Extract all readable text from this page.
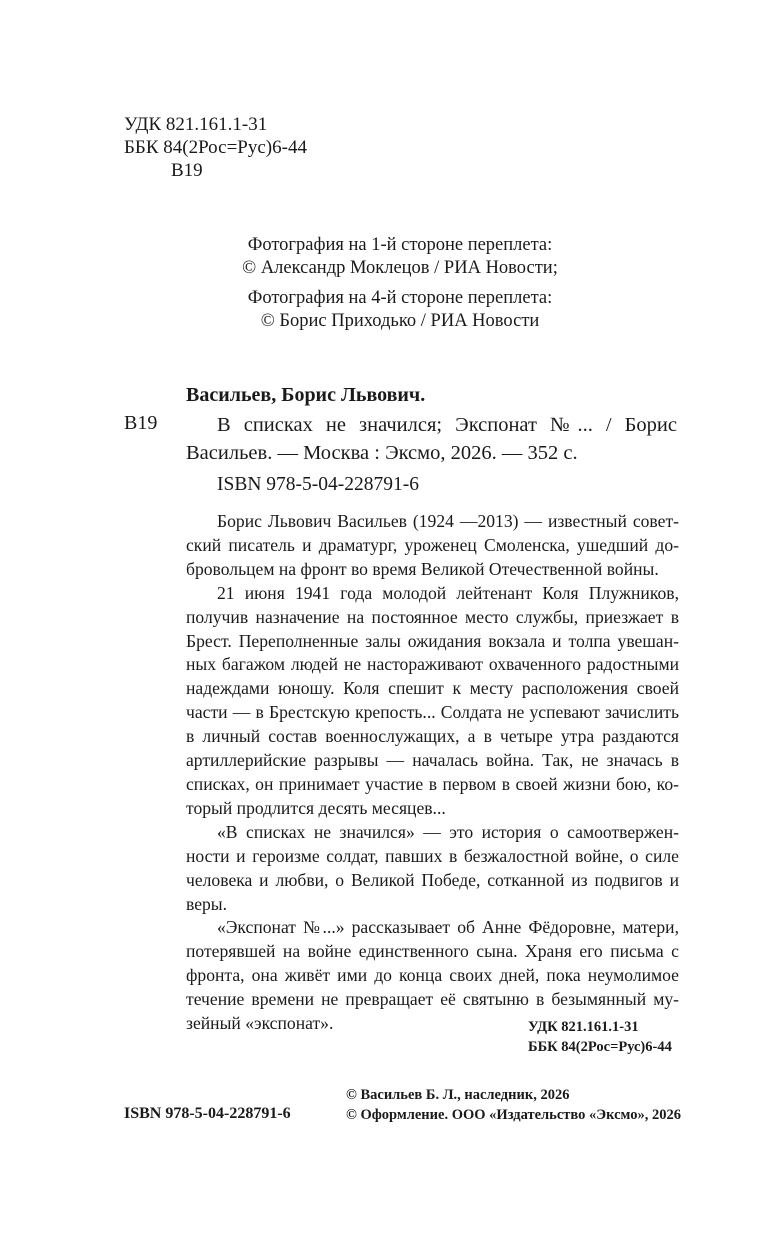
УДК 821.161.1-31
ББК 84(2Рос=Рус)6-44
В19
Фотография на 1-й стороне переплета:
© Александр Моклецов / РИА Новости;
Фотография на 4-й стороне переплета:
© Борис Приходько / РИА Новости
Васильев, Борис Львович.
В19	В списках не значился; Экспонат №... / Борис
Васильев. — Москва : Эксмо, 2026. — 352 с.
ISBN 978-5-04-228791-6

Борис Львович Васильев (1924 —2013) — известный совет-
ский писатель и драматург, уроженец Смоленска, ушедший до-
бровольцем на фронт во время Великой Отечественной войны.

21 июня 1941 года молодой лейтенант Коля Плужников,
получив назначение на постоянное место службы, приезжает в
Брест. Переполненные залы ожидания вокзала и толпа увешан-
ных багажом людей не настораживают охваченного радостными
надеждами юношу. Коля спешит к месту расположения своей
части — в Брестскую крепость... Солдата не успевают зачислить
в личный состав военнослужащих, а в четыре утра раздаются
артиллерийские разрывы — началась война. Так, не значась в
списках, он принимает участие в первом в своей жизни бою, ко-
торый продлится десять месяцев...

«В списках не значился» — это история о самоотвержен-
ности и героизме солдат, павших в безжалостной войне, о силе
человека и любви, о Великой Победе, сотканной из подвигов и
веры.

«Экспонат №...» рассказывает об Анне Фёдоровне, матери,
потерявшей на войне единственного сына. Храня его письма с
фронта, она живёт ими до конца своих дней, пока неумолимое
течение времени не превращает её святыню в безымянный му-
зейный «экспонат».	УДК 821.161.1-31
ББК 84(2Рос=Рус)6-44
© Васильев Б. Л., наследник, 2026
© Оформление. ООО «Издательство «Эксмо», 2026
ISBN 978-5-04-228791-6
